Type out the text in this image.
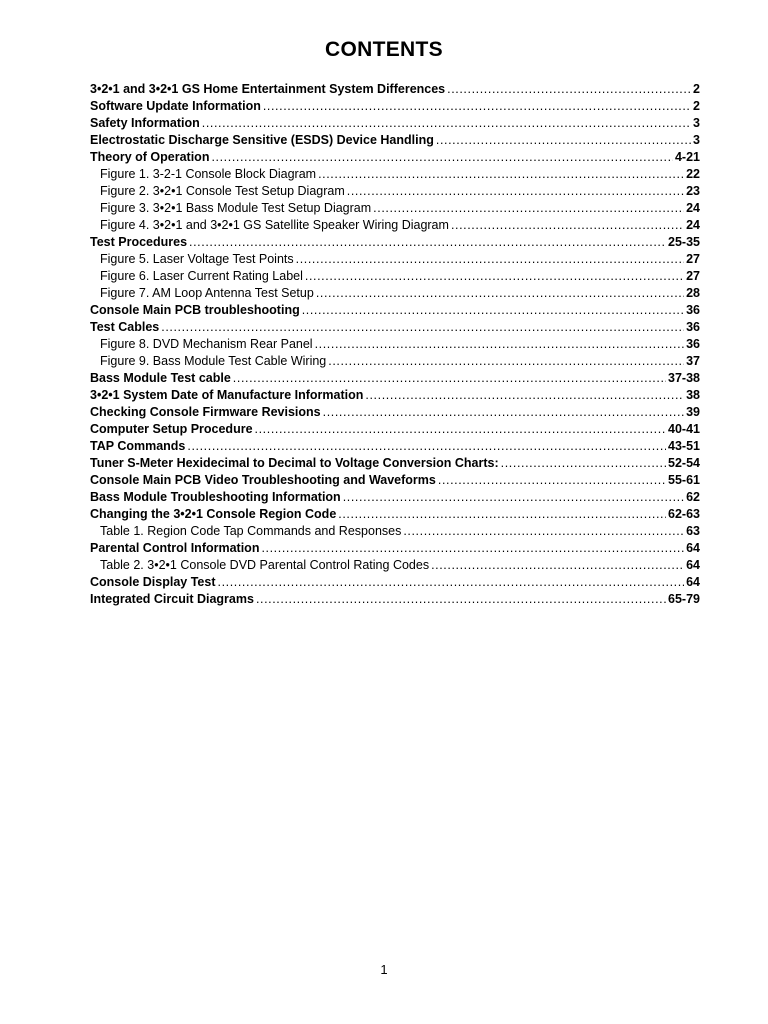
CONTENTS
3•2•1 and 3•2•1 GS Home Entertainment System Differences .....	2
Software Update Information .....	2
Safety Information .....	3
Electrostatic Discharge Sensitive (ESDS) Device Handling .....	3
Theory of Operation .....	4-21
Figure 1. 3-2-1 Console Block Diagram .....	22
Figure 2. 3•2•1 Console Test Setup Diagram .....	23
Figure 3. 3•2•1 Bass Module Test Setup Diagram .....	24
Figure 4. 3•2•1 and 3•2•1 GS Satellite Speaker Wiring Diagram .....	24
Test Procedures .....	25-35
Figure 5. Laser Voltage Test Points .....	27
Figure 6. Laser Current Rating Label .....	27
Figure 7. AM Loop Antenna Test Setup .....	28
Console Main PCB troubleshooting .....	36
Test Cables .....	36
Figure 8. DVD Mechanism Rear Panel .....	36
Figure 9. Bass Module Test Cable Wiring .....	37
Bass Module Test cable .....	37-38
3•2•1 System Date of Manufacture Information .....	38
Checking Console Firmware Revisions .....	39
Computer Setup Procedure .....	40-41
TAP Commands .....	43-51
Tuner S-Meter Hexidecimal to Decimal to Voltage Conversion Charts: .....	52-54
Console Main PCB Video Troubleshooting and Waveforms .....	55-61
Bass Module Troubleshooting Information .....	62
Changing the 3•2•1 Console Region Code .....	62-63
Table 1. Region Code Tap Commands and Responses .....	63
Parental Control Information .....	64
Table 2. 3•2•1 Console DVD Parental Control Rating Codes .....	64
Console Display Test .....	64
Integrated Circuit Diagrams .....	65-79
1
